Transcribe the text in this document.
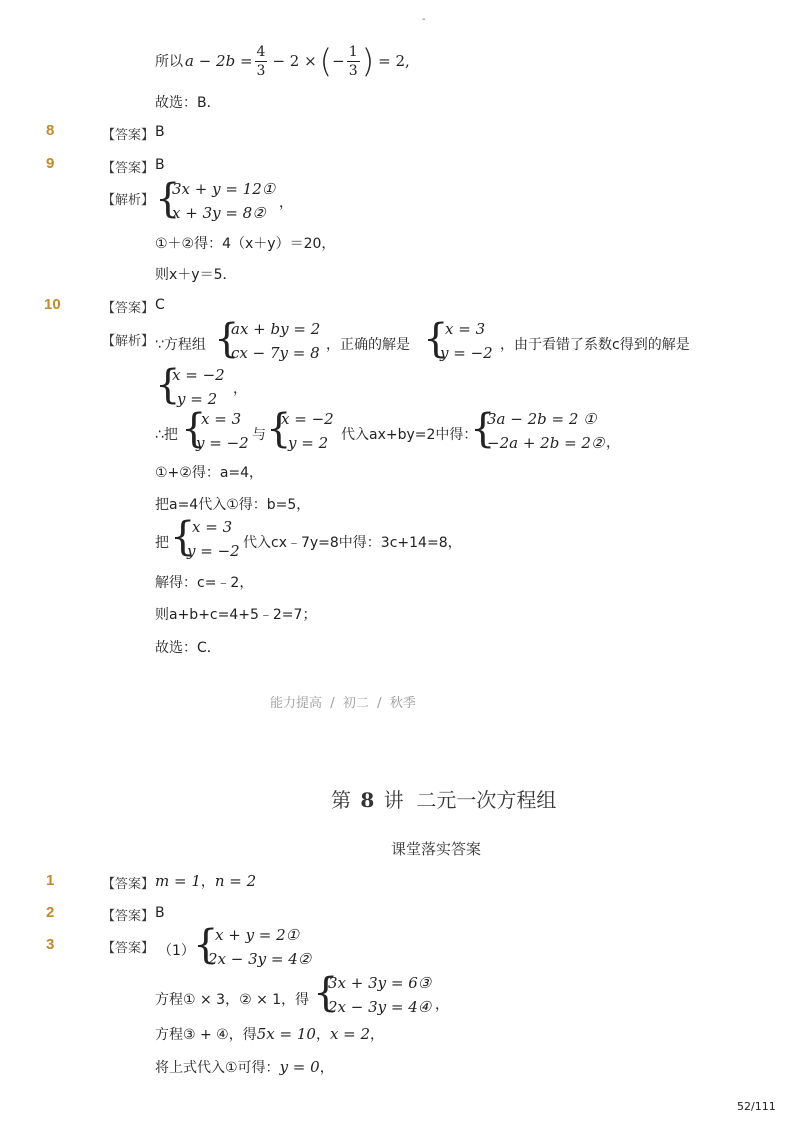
-
所以 $a - 2b = \frac{4}{3} - 2$ × ( − $\frac{1}{3}$ ) = 2,
故选：B．
8	【答案】 B
9	【答案】 B
【解析】 {
3x + y = 12①
x + 3y = 8②
，
①＋②得：4（x＋y）＝20，
则x＋y＝5．
10	【答案】 C
【解析】 ∵方程组 {
ax + by = 2
cx − 7y = 8 ，正确的解是 {
x = 3
y = −2 ，由于看错了系数c得到的解是
{
x = −2
y = 2
，
∴把 {
x = 3
y = −2 与 {
x = −2
y = 2 代入ax+by=2中得：
{
3a − 2b = 2 ①
−2a + 2b = 2② ，
①+②得：a=4，
把a=4代入①得：b=5，
把 {
x = 3
y = −2 代入cx﹣7y=8中得：3c+14=8，
解得：c=﹣2，
则a+b+c=4+5﹣2=7；
故选：C．
能力提高  /  初二  /  秋季
第 8 讲  二元一次方程组
课堂落实答案
1	【答案】 m = 1，n = 2
2	【答案】 B
3	【答案】 （1）
{
x + y = 2①
2x − 3y = 4②
方程① × 3，② × 1，得 {
3x + 3y = 6③
2x − 3y = 4④ ，
方程③ + ④，得5x = 10，x = 2，
将上式代入①可得：y = 0，
52/111
